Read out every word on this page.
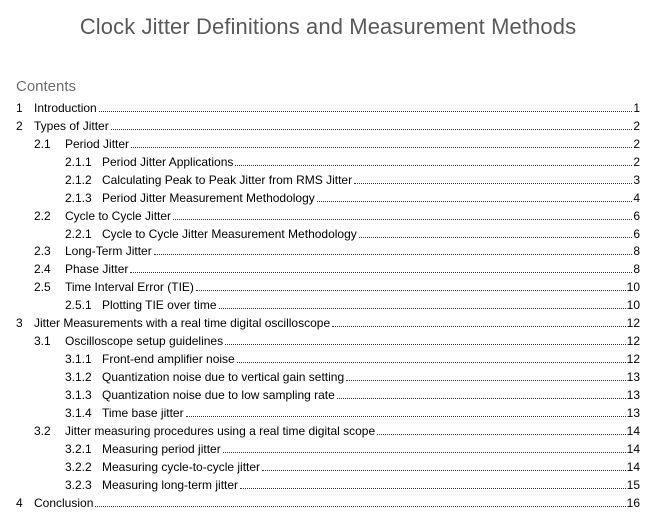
Clock Jitter Definitions and Measurement Methods
Contents
1 Introduction	1
2 Types of Jitter	2
2.1	Period Jitter	2
2.1.1 Period Jitter Applications	2
2.1.2 Calculating Peak to Peak Jitter from RMS Jitter	3
2.1.3 Period Jitter Measurement Methodology	4
2.2	Cycle to Cycle Jitter	6
2.2.1 Cycle to Cycle Jitter Measurement Methodology	6
2.3	Long-Term Jitter	8
2.4	Phase Jitter	8
2.5	Time Interval Error (TIE)	10
2.5.1 Plotting TIE over time	10
3 Jitter Measurements with a real time digital oscilloscope	12
3.1	Oscilloscope setup guidelines	12
3.1.1 Front-end amplifier noise	12
3.1.2 Quantization noise due to vertical gain setting	13
3.1.3 Quantization noise due to low sampling rate	13
3.1.4 Time base jitter	13
3.2	Jitter measuring procedures using a real time digital scope	14
3.2.1 Measuring period jitter	14
3.2.2 Measuring cycle-to-cycle jitter	14
3.2.3 Measuring long-term jitter	15
4 Conclusion	16
